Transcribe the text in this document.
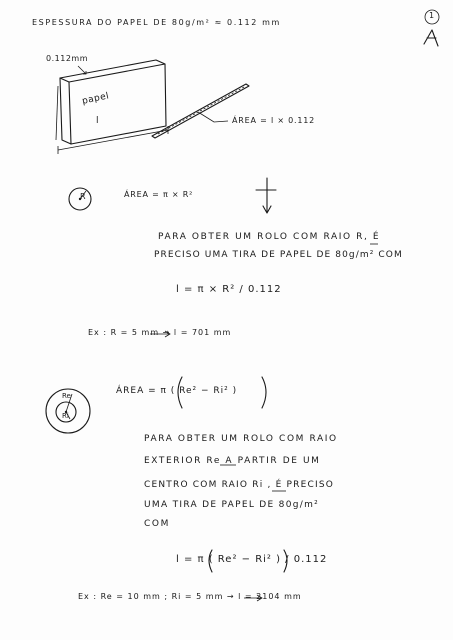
ESPESSURA DO PAPEL DE 80g/m² ≈ 0.112 mm
1
0.112mm
papel
l	ÁREA = l × 0.112
R	ÁREA = π × R²
PARA OBTER UM ROLO COM RAIO R, É
PRECISO UMA TIRA DE PAPEL DE 80g/m² COM
l = π × R² / 0.112
Ex : R = 5 mm → l = 701 mm
Re
Ri
ÁREA = π ( Re² − Ri² )
PARA OBTER UM ROLO COM RAIO
EXTERIOR Re A PARTIR DE UM
CENTRO COM RAIO Ri , É PRECISO
UMA TIRA DE PAPEL DE 80g/m²
COM
l = π ( Re² − Ri² ) / 0.112
Ex : Re = 10 mm ; Ri = 5 mm → l = 2104 mm
